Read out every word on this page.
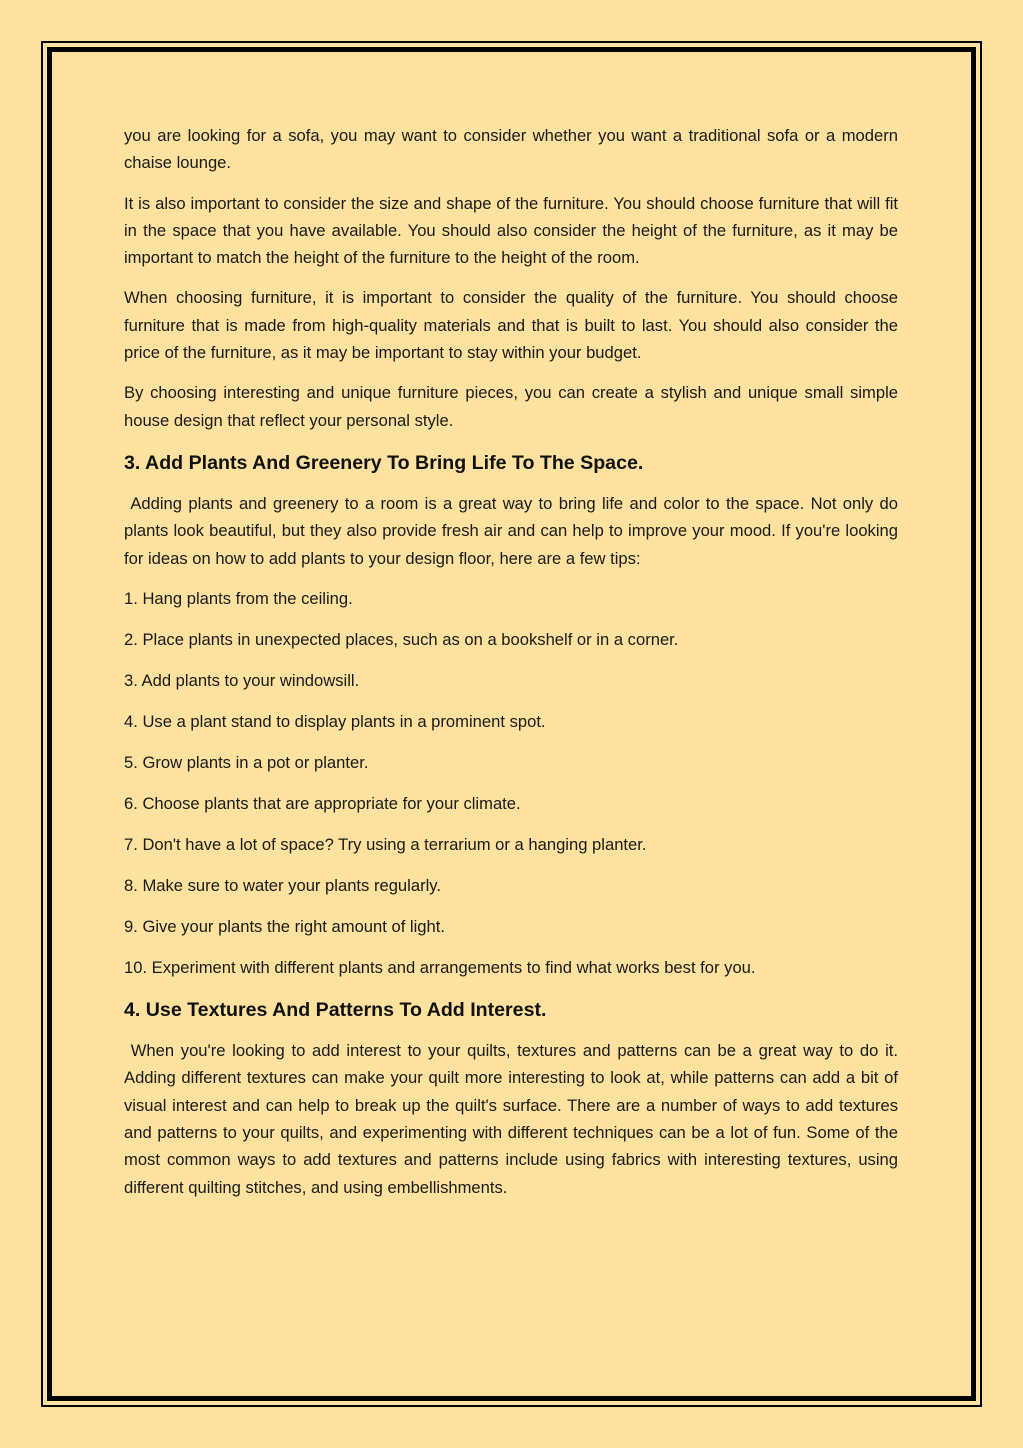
you are looking for a sofa, you may want to consider whether you want a traditional sofa or a modern chaise lounge.

It is also important to consider the size and shape of the furniture. You should choose furniture that will fit in the space that you have available. You should also consider the height of the furniture, as it may be important to match the height of the furniture to the height of the room.

When choosing furniture, it is important to consider the quality of the furniture. You should choose furniture that is made from high-quality materials and that is built to last. You should also consider the price of the furniture, as it may be important to stay within your budget.

By choosing interesting and unique furniture pieces, you can create a stylish and unique small simple house design that reflect your personal style.

3. Add Plants And Greenery To Bring Life To The Space.

Adding plants and greenery to a room is a great way to bring life and color to the space. Not only do plants look beautiful, but they also provide fresh air and can help to improve your mood. If you're looking for ideas on how to add plants to your design floor, here are a few tips:

1. Hang plants from the ceiling.

2. Place plants in unexpected places, such as on a bookshelf or in a corner.

3. Add plants to your windowsill.

4. Use a plant stand to display plants in a prominent spot.

5. Grow plants in a pot or planter.

6. Choose plants that are appropriate for your climate.

7. Don't have a lot of space? Try using a terrarium or a hanging planter.

8. Make sure to water your plants regularly.

9. Give your plants the right amount of light.

10. Experiment with different plants and arrangements to find what works best for you.

4. Use Textures And Patterns To Add Interest.

When you're looking to add interest to your quilts, textures and patterns can be a great way to do it. Adding different textures can make your quilt more interesting to look at, while patterns can add a bit of visual interest and can help to break up the quilt's surface. There are a number of ways to add textures and patterns to your quilts, and experimenting with different techniques can be a lot of fun. Some of the most common ways to add textures and patterns include using fabrics with interesting textures, using different quilting stitches, and using embellishments.
